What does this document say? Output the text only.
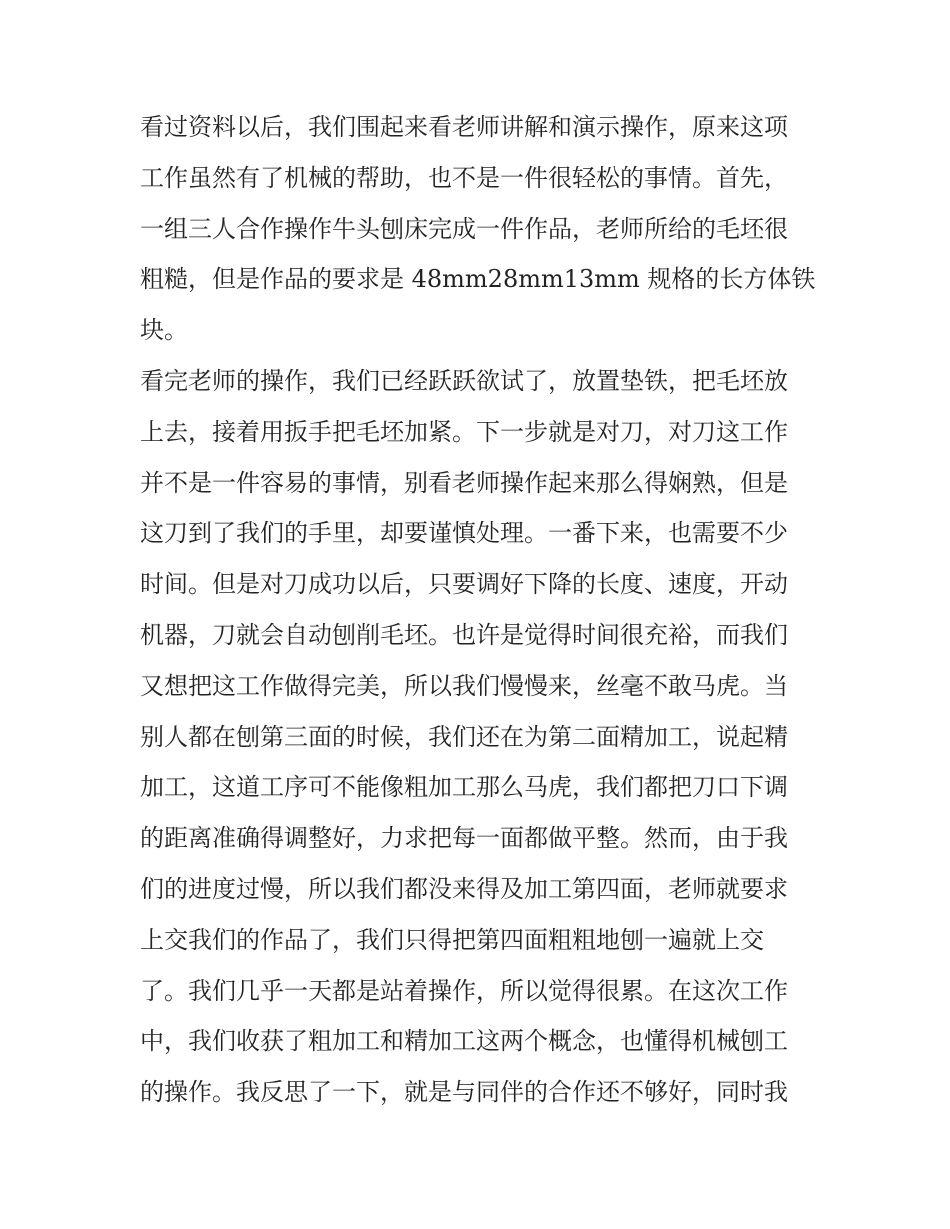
看过资料以后，我们围起来看老师讲解和演示操作，原来这项
工作虽然有了机械的帮助，也不是一件很轻松的事情。首先，
一组三人合作操作牛头刨床完成一件作品，老师所给的毛坯很
粗糙，但是作品的要求是 48mm28mm13mm 规格的长方体铁
块。
看完老师的操作，我们已经跃跃欲试了，放置垫铁，把毛坯放
上去，接着用扳手把毛坯加紧。下一步就是对刀，对刀这工作
并不是一件容易的事情，别看老师操作起来那么得娴熟，但是
这刀到了我们的手里，却要谨慎处理。一番下来，也需要不少
时间。但是对刀成功以后，只要调好下降的长度、速度，开动
机器，刀就会自动刨削毛坯。也许是觉得时间很充裕，而我们
又想把这工作做得完美，所以我们慢慢来，丝毫不敢马虎。当
别人都在刨第三面的时候，我们还在为第二面精加工，说起精
加工，这道工序可不能像粗加工那么马虎，我们都把刀口下调
的距离准确得调整好，力求把每一面都做平整。然而，由于我
们的进度过慢，所以我们都没来得及加工第四面，老师就要求
上交我们的作品了，我们只得把第四面粗粗地刨一遍就上交
了。我们几乎一天都是站着操作，所以觉得很累。在这次工作
中，我们收获了粗加工和精加工这两个概念，也懂得机械刨工
的操作。我反思了一下，就是与同伴的合作还不够好，同时我
